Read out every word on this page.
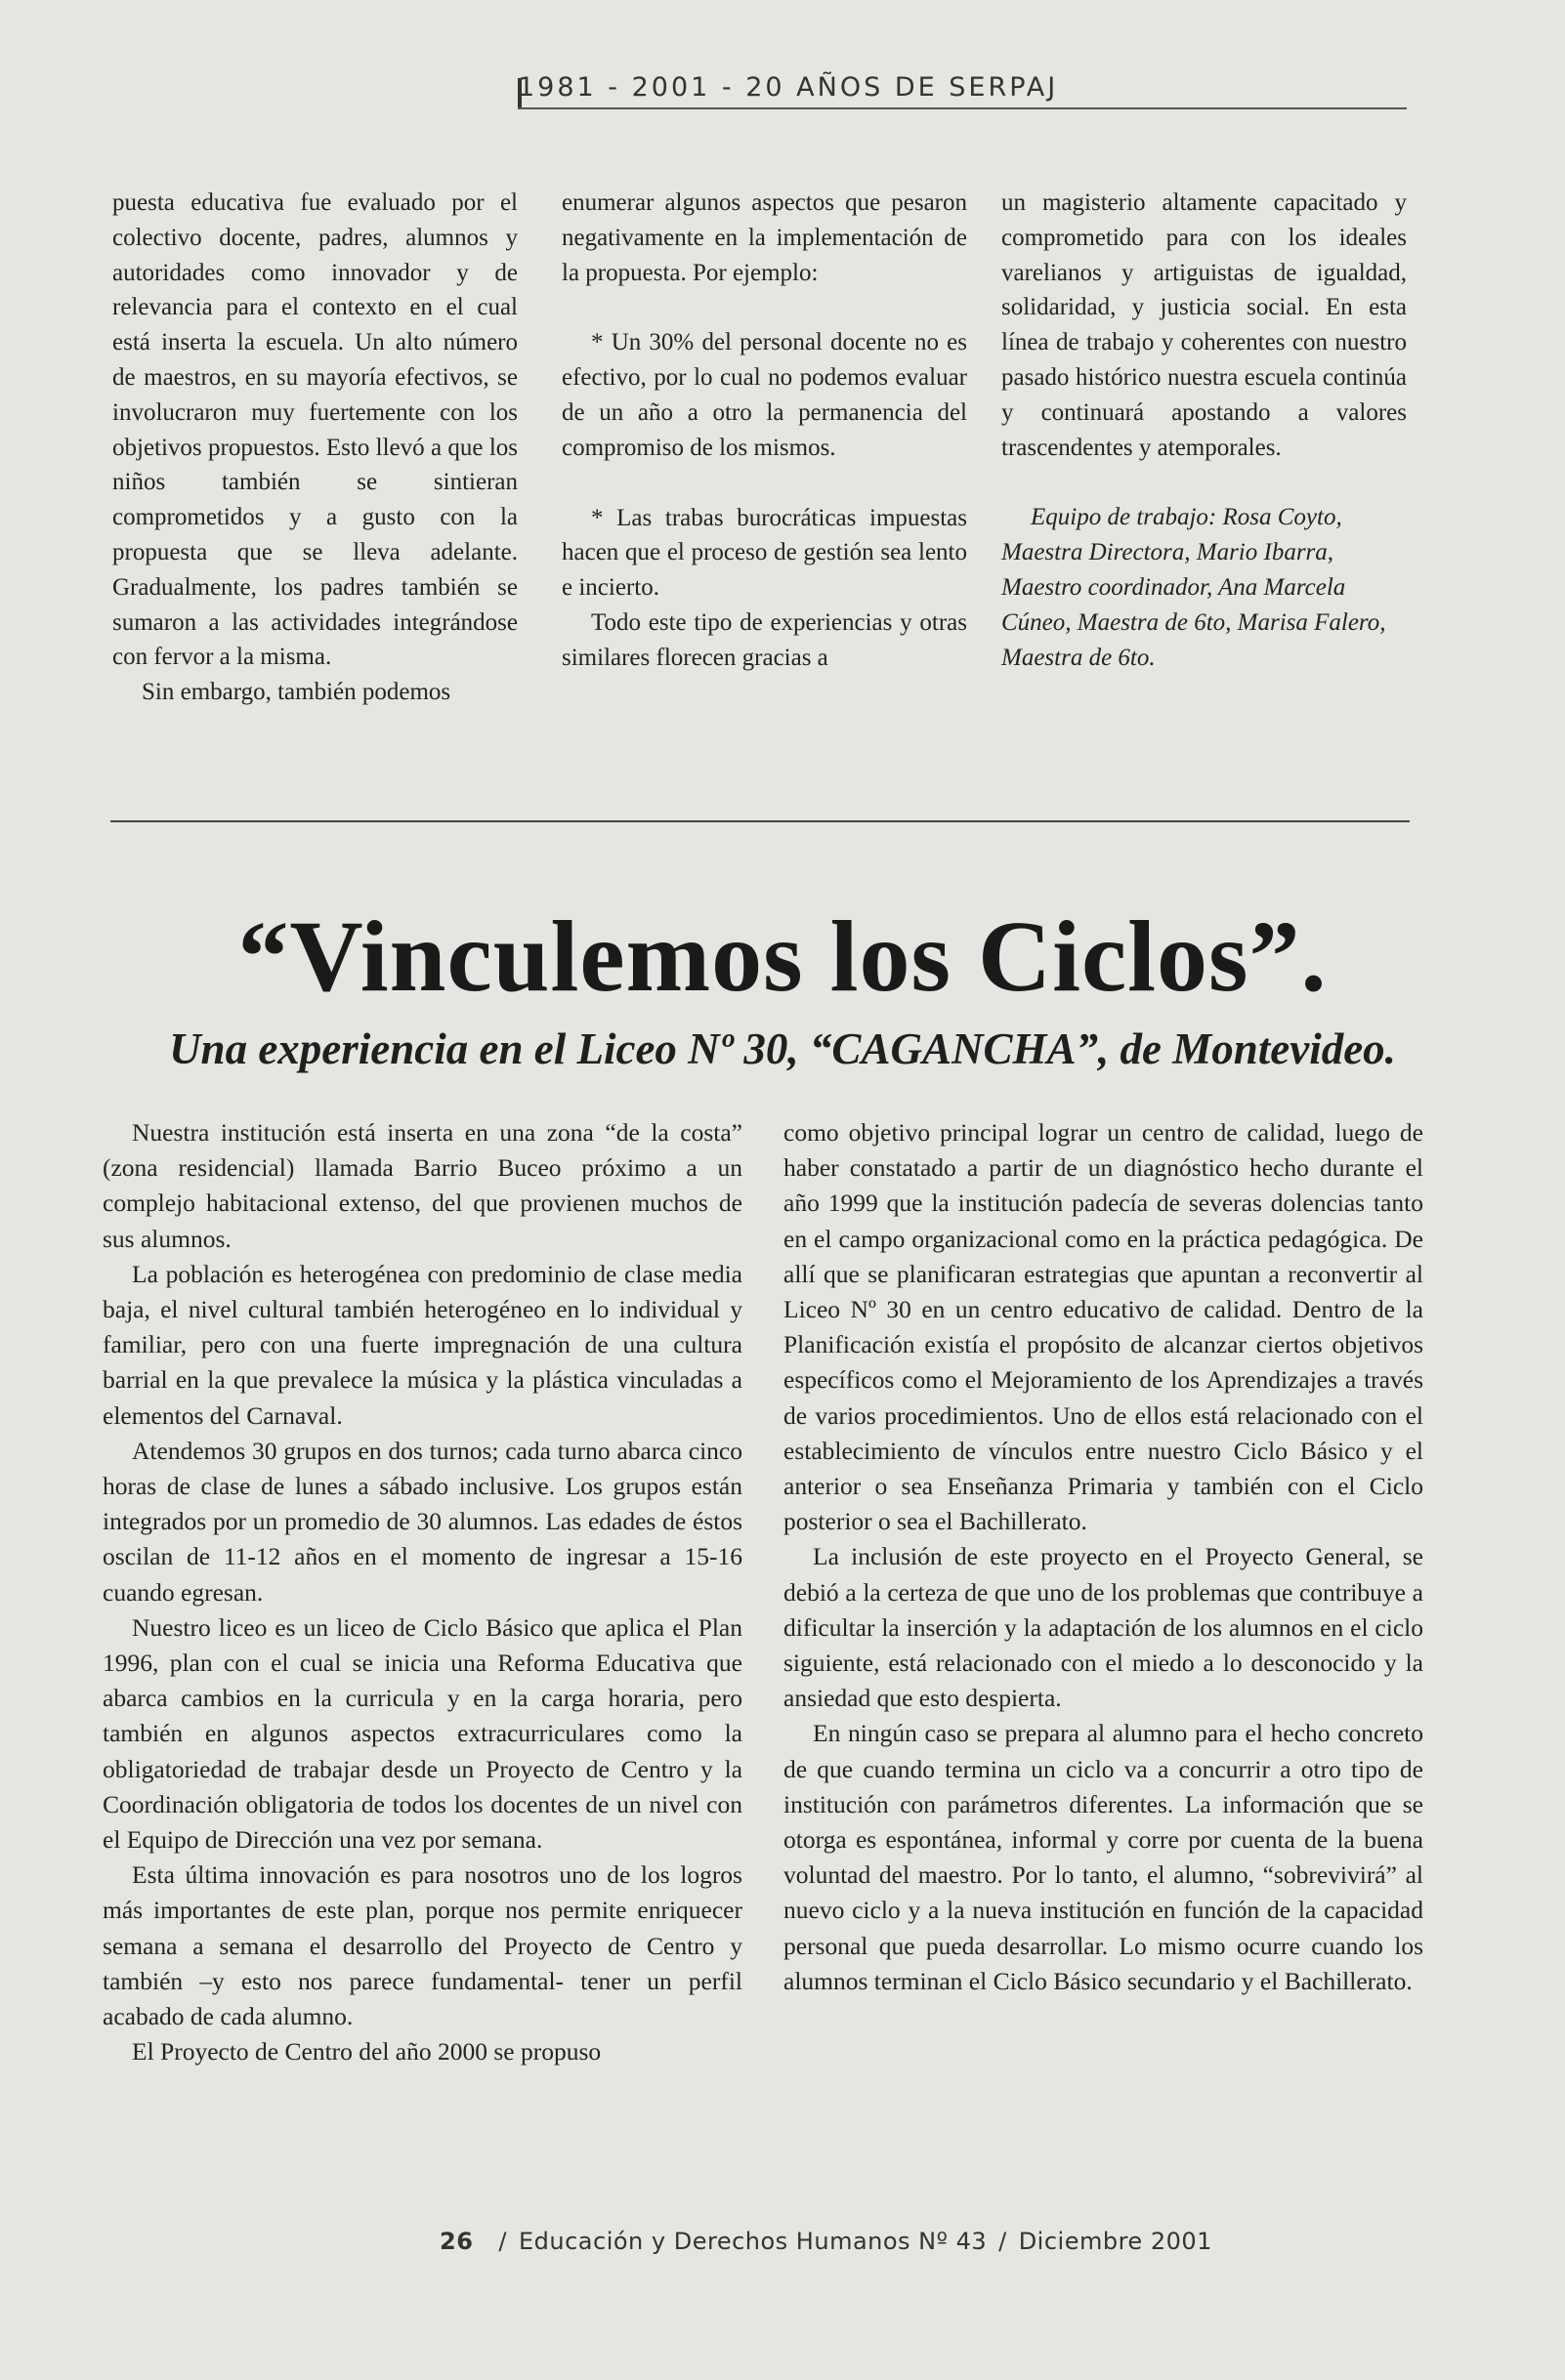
1981 - 2001 - 20 AÑOS DE SERPAJ

puesta educativa fue evaluado por el colectivo docente, padres, alumnos y autoridades como innovador y de relevancia para el contexto en el cual está inserta la escuela. Un alto número de maestros, en su mayoría efectivos, se involucraron muy fuertemente con los objetivos propuestos. Esto llevó a que los niños también se sintieran comprometidos y a gusto con la propuesta que se lleva adelante. Gradualmente, los padres también se sumaron a las actividades integrándose con fervor a la misma.

Sin embargo, también podemos

enumerar algunos aspectos que pesaron negativamente en la implementación de la propuesta. Por ejemplo:

* Un 30% del personal docente no es efectivo, por lo cual no podemos evaluar de un año a otro la permanencia del compromiso de los mismos.

* Las trabas burocráticas impuestas hacen que el proceso de gestión sea lento e incierto.

Todo este tipo de experiencias y otras similares florecen gracias a

un magisterio altamente capacitado y comprometido para con los ideales varelianos y artiguistas de igualdad, solidaridad, y justicia social. En esta línea de trabajo y coherentes con nuestro pasado histórico nuestra escuela continúa y continuará apostando a valores trascendentes y atemporales.

Equipo de trabajo: Rosa Coyto, Maestra Directora, Mario Ibarra, Maestro coordinador, Ana Marcela Cúneo, Maestra de 6to, Marisa Falero, Maestra de 6to.

“Vinculemos los Ciclos”.
Una experiencia en el Liceo Nº 30, “CAGANCHA”, de Montevideo.

Nuestra institución está inserta en una zona “de la costa” (zona residencial) llamada Barrio Buceo próximo a un complejo habitacional extenso, del que provienen muchos de sus alumnos.

La población es heterogénea con predominio de clase media baja, el nivel cultural también heterogéneo en lo individual y familiar, pero con una fuerte impregnación de una cultura barrial en la que prevalece la música y la plástica vinculadas a elementos del Carnaval.

Atendemos 30 grupos en dos turnos; cada turno abarca cinco horas de clase de lunes a sábado inclusive. Los grupos están integrados por un promedio de 30 alumnos. Las edades de éstos oscilan de 11-12 años en el momento de ingresar a 15-16 cuando egresan.

Nuestro liceo es un liceo de Ciclo Básico que aplica el Plan 1996, plan con el cual se inicia una Reforma Educativa que abarca cambios en la curricula y en la carga horaria, pero también en algunos aspectos extracurriculares como la obligatoriedad de trabajar desde un Proyecto de Centro y la Coordinación obligatoria de todos los docentes de un nivel con el Equipo de Dirección una vez por semana.

Esta última innovación es para nosotros uno de los logros más importantes de este plan, porque nos permite enriquecer semana a semana el desarrollo del Proyecto de Centro y también –y esto nos parece fundamental- tener un perfil acabado de cada alumno.

El Proyecto de Centro del año 2000 se propuso

como objetivo principal lograr un centro de calidad, luego de haber constatado a partir de un diagnóstico hecho durante el año 1999 que la institución padecía de severas dolencias tanto en el campo organizacional como en la práctica pedagógica. De allí que se planificaran estrategias que apuntan a reconvertir al Liceo Nº 30 en un centro educativo de calidad. Dentro de la Planificación existía el propósito de alcanzar ciertos objetivos específicos como el Mejoramiento de los Aprendizajes a través de varios procedimientos. Uno de ellos está relacionado con el establecimiento de vínculos entre nuestro Ciclo Básico y el anterior o sea Enseñanza Primaria y también con el Ciclo posterior o sea el Bachillerato.

La inclusión de este proyecto en el Proyecto General, se debió a la certeza de que uno de los problemas que contribuye a dificultar la inserción y la adaptación de los alumnos en el ciclo siguiente, está relacionado con el miedo a lo desconocido y la ansiedad que esto despierta.

En ningún caso se prepara al alumno para el hecho concreto de que cuando termina un ciclo va a concurrir a otro tipo de institución con parámetros diferentes. La información que se otorga es espontánea, informal y corre por cuenta de la buena voluntad del maestro. Por lo tanto, el alumno, “sobrevivirá” al nuevo ciclo y a la nueva institución en función de la capacidad personal que pueda desarrollar. Lo mismo ocurre cuando los alumnos terminan el Ciclo Básico secundario y el Bachillerato.

26 / Educación y Derechos Humanos Nº 43 / Diciembre 2001
